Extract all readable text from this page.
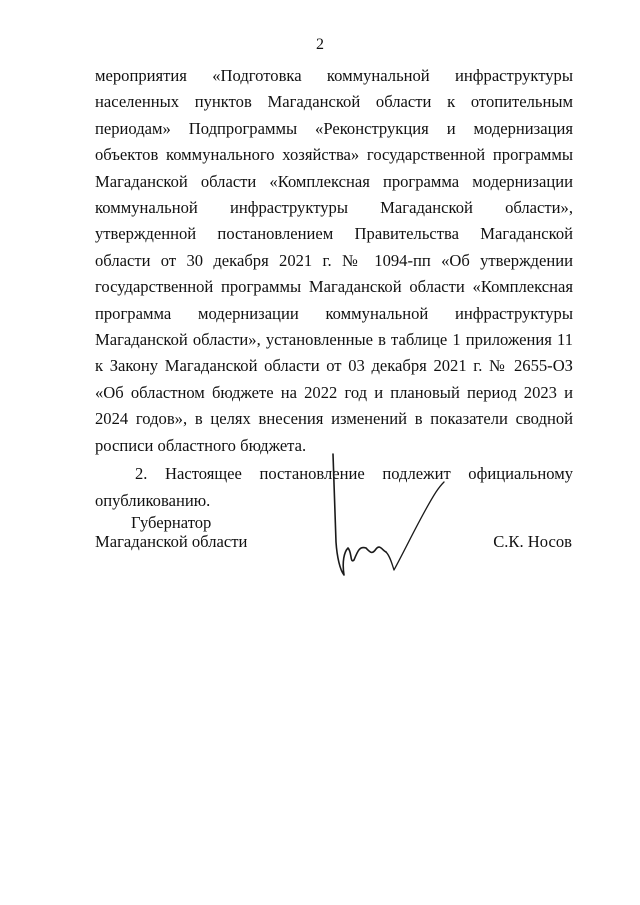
2

мероприятия «Подготовка коммунальной инфраструктуры населенных пунктов Магаданской области к отопительным периодам» Подпрограммы «Реконструкция и модернизация объектов коммунального хозяйства» государственной программы Магаданской области «Комплексная программа модернизации коммунальной инфраструктуры Магаданской области», утвержденной постановлением Правительства Магаданской области от 30 декабря 2021 г. № 1094-пп «Об утверждении государственной программы Магаданской области «Комплексная программа модернизации коммунальной инфраструктуры Магаданской области», установленные в таблице 1 приложения 11 к Закону Магаданской области от 03 декабря 2021 г. № 2655-ОЗ «Об областном бюджете на 2022 год и плановый период 2023 и 2024 годов», в целях внесения изменений в показатели сводной росписи областного бюджета.

2. Настоящее постановление подлежит официальному опубликованию.

Губернатор
Магаданской области	С.К. Носов
